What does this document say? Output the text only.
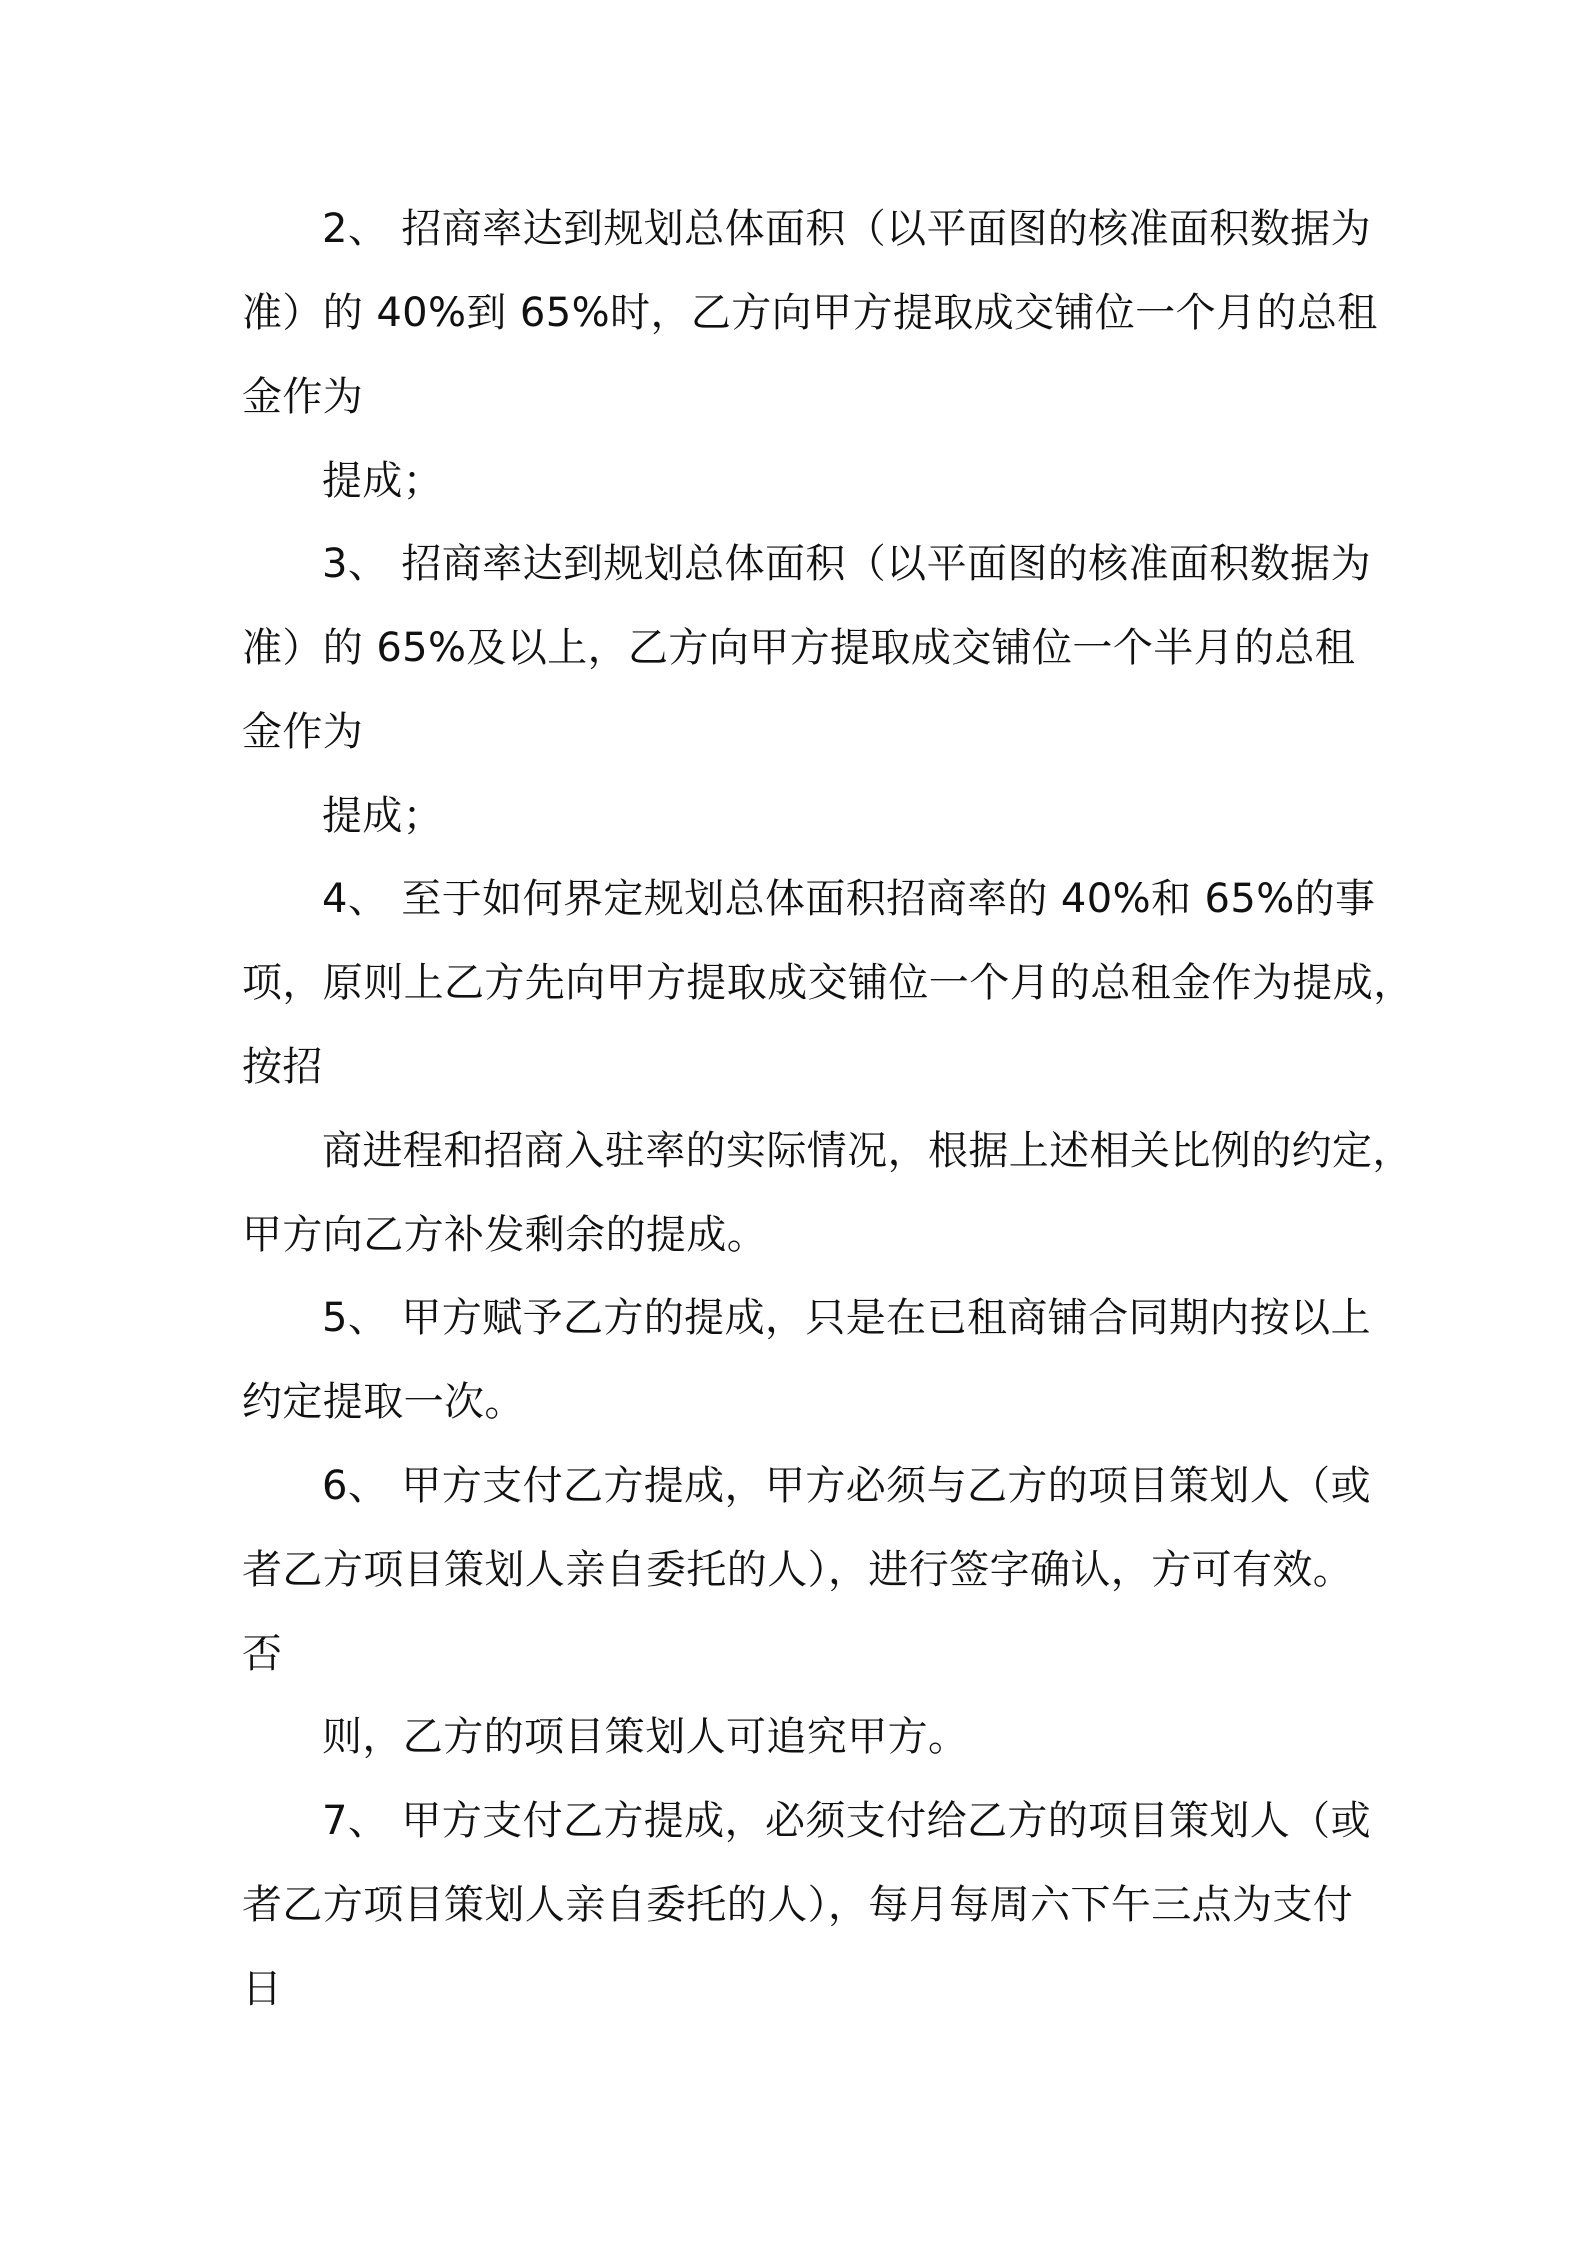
2、 招商率达到规划总体面积（以平面图的核准面积数据为
准）的 40%到 65%时，乙方向甲方提取成交铺位一个月的总租
金作为
提成；
3、 招商率达到规划总体面积（以平面图的核准面积数据为
准）的 65%及以上，乙方向甲方提取成交铺位一个半月的总租
金作为
提成；
4、 至于如何界定规划总体面积招商率的 40%和 65%的事
项，原则上乙方先向甲方提取成交铺位一个月的总租金作为提成，
按招
商进程和招商入驻率的实际情况，根据上述相关比例的约定，
甲方向乙方补发剩余的提成。
5、 甲方赋予乙方的提成，只是在已租商铺合同期内按以上
约定提取一次。
6、 甲方支付乙方提成，甲方必须与乙方的项目策划人（或
者乙方项目策划人亲自委托的人），进行签字确认，方可有效。
否
则，乙方的项目策划人可追究甲方。
7、 甲方支付乙方提成，必须支付给乙方的项目策划人（或
者乙方项目策划人亲自委托的人），每月每周六下午三点为支付
日
